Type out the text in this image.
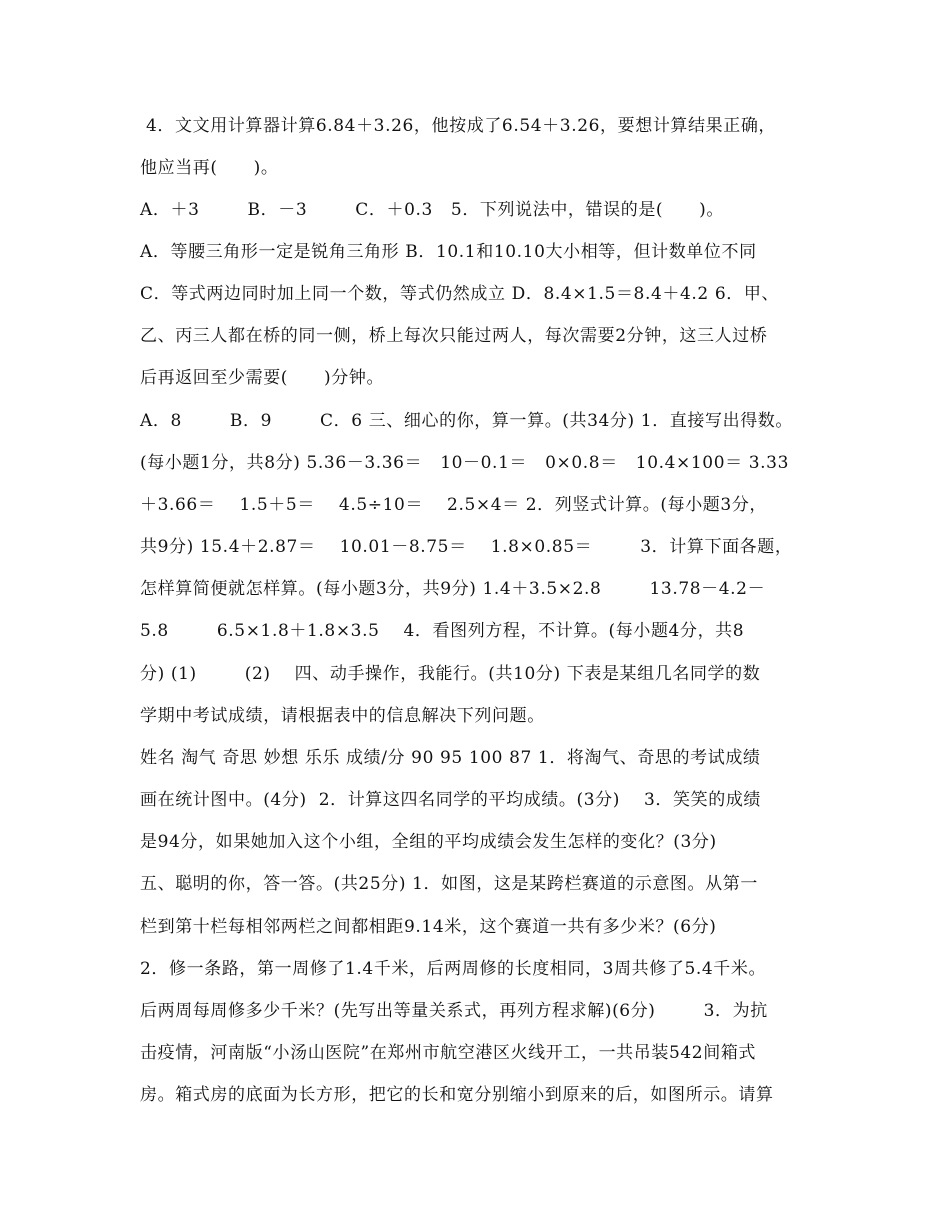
4．文文用计算器计算6.84＋3.26，他按成了6.54＋3.26，要想计算结果正确，
他应当再(      )。
A．＋3        B．－3        C．＋0.3   5．下列说法中，错误的是(      )。
A．等腰三角形一定是锐角三角形 B．10.1和10.10大小相等，但计数单位不同
C．等式两边同时加上同一个数，等式仍然成立 D．8.4×1.5＝8.4＋4.2 6．甲、
乙、丙三人都在桥的同一侧，桥上每次只能过两人，每次需要2分钟，这三人过桥
后再返回至少需要(      )分钟。
A．8        B．9        C．6 三、细心的你，算一算。(共34分) 1．直接写出得数。
(每小题1分，共8分) 5.36－3.36＝   10－0.1＝   0×0.8＝   10.4×100＝ 3.33
＋3.66＝    1.5＋5＝    4.5÷10＝    2.5×4＝ 2．列竖式计算。(每小题3分，
共9分) 15.4＋2.87＝    10.01－8.75＝    1.8×0.85＝        3．计算下面各题，
怎样算简便就怎样算。(每小题3分，共9分) 1.4＋3.5×2.8        13.78－4.2－
5.8        6.5×1.8＋1.8×3.5    4．看图列方程，不计算。(每小题4分，共8
分) (1)        (2)    四、动手操作，我能行。(共10分) 下表是某组几名同学的数
学期中考试成绩，请根据表中的信息解决下列问题。
姓名 淘气 奇思 妙想 乐乐 成绩/分 90 95 100 87 1．将淘气、奇思的考试成绩
画在统计图中。(4分)  2．计算这四名同学的平均成绩。(3分)    3．笑笑的成绩
是94分，如果她加入这个小组，全组的平均成绩会发生怎样的变化？(3分)
五、聪明的你，答一答。(共25分) 1．如图，这是某跨栏赛道的示意图。从第一
栏到第十栏每相邻两栏之间都相距9.14米，这个赛道一共有多少米？(6分)
2．修一条路，第一周修了1.4千米，后两周修的长度相同，3周共修了5.4千米。
后两周每周修多少千米？(先写出等量关系式，再列方程求解)(6分)        3．为抗
击疫情，河南版“小汤山医院”在郑州市航空港区火线开工，一共吊装542间箱式
房。箱式房的底面为长方形，把它的长和宽分别缩小到原来的后，如图所示。请算
